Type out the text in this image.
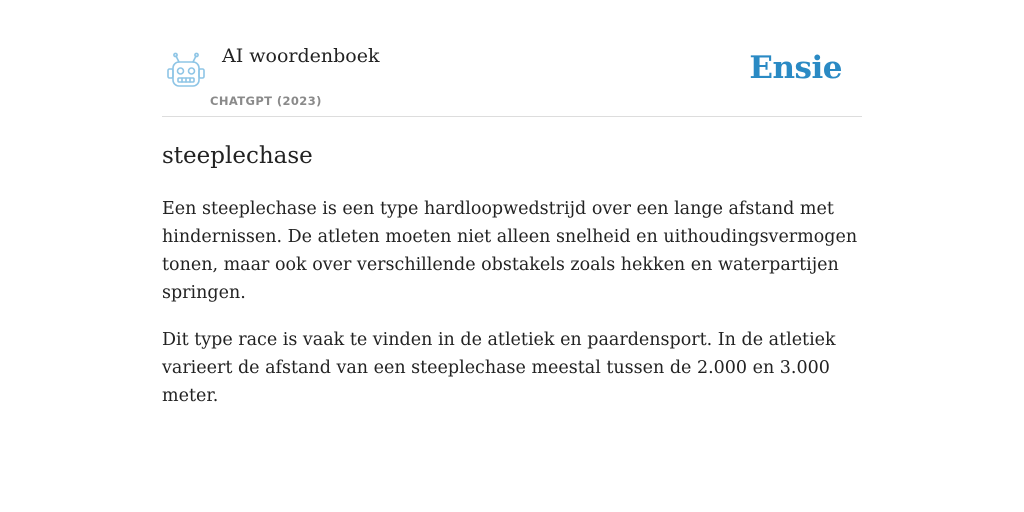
AI woordenboek
CHATGPT (2023)
Ensie
steeplechase

Een steeplechase is een type hardloopwedstrijd over een lange afstand met hindernissen. De atleten moeten niet alleen snelheid en uithoudingsvermogen tonen, maar ook over verschillende obstakels zoals hekken en waterpartijen springen.

Dit type race is vaak te vinden in de atletiek en paardensport. In de atletiek varieert de afstand van een steeplechase meestal tussen de 2.000 en 3.000 meter.
